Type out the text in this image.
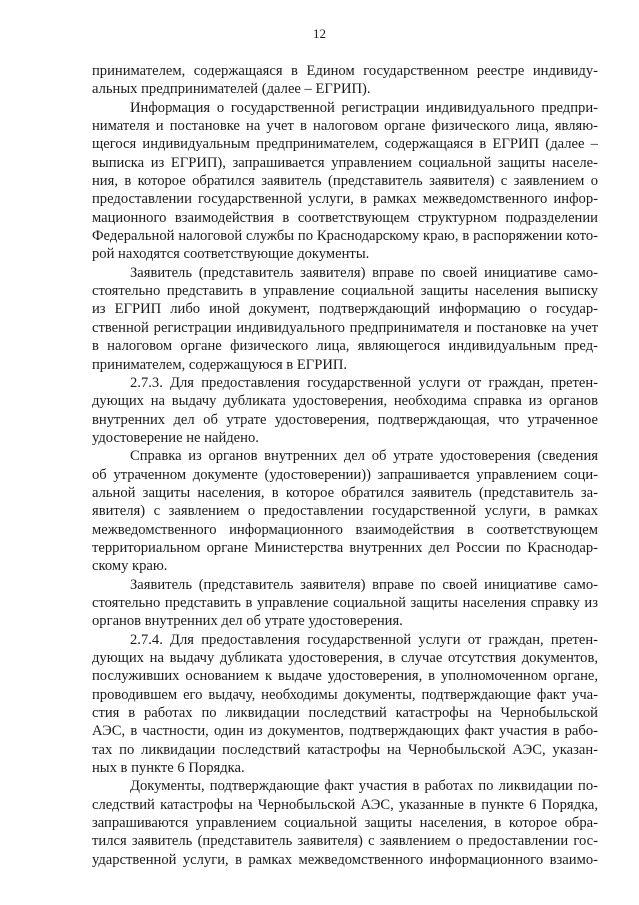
12
принимателем, содержащаяся в Едином государственном реестре индивиду-
альных предпринимателей (далее – ЕГРИП).
Информация о государственной регистрации индивидуального предпри-
нимателя и постановке на учет в налоговом органе физического лица, являю-
щегося индивидуальным предпринимателем, содержащаяся в ЕГРИП (далее –
выписка из ЕГРИП), запрашивается управлением социальной защиты населе-
ния, в которое обратился заявитель (представитель заявителя) с заявлением о
предоставлении государственной услуги, в рамках межведомственного инфор-
мационного взаимодействия в соответствующем структурном подразделении
Федеральной налоговой службы по Краснодарскому краю, в распоряжении кото-
рой находятся соответствующие документы.
Заявитель (представитель заявителя) вправе по своей инициативе само-
стоятельно представить в управление социальной защиты населения выписку
из ЕГРИП либо иной документ, подтверждающий информацию о государ-
ственной регистрации индивидуального предпринимателя и постановке на учет
в налоговом органе физического лица, являющегося индивидуальным пред-
принимателем, содержащуюся в ЕГРИП.
2.7.3. Для предоставления государственной услуги от граждан, претен-
дующих на выдачу дубликата удостоверения, необходима справка из органов
внутренних дел об утрате удостоверения, подтверждающая, что утраченное
удостоверение не найдено.
Справка из органов внутренних дел об утрате удостоверения (сведения
об утраченном документе (удостоверении)) запрашивается управлением соци-
альной защиты населения, в которое обратился заявитель (представитель за-
явителя) с заявлением о предоставлении государственной услуги, в рамках
межведомственного информационного взаимодействия в соответствующем
территориальном органе Министерства внутренних дел России по Краснодар-
скому краю.
Заявитель (представитель заявителя) вправе по своей инициативе само-
стоятельно представить в управление социальной защиты населения справку из
органов внутренних дел об утрате удостоверения.
2.7.4. Для предоставления государственной услуги от граждан, претен-
дующих на выдачу дубликата удостоверения, в случае отсутствия документов,
послуживших основанием к выдаче удостоверения, в уполномоченном органе,
проводившем его выдачу, необходимы документы, подтверждающие факт уча-
стия в работах по ликвидации последствий катастрофы на Чернобыльской
АЭС, в частности, один из документов, подтверждающих факт участия в рабо-
тах по ликвидации последствий катастрофы на Чернобыльской АЭС, указан-
ных в пункте 6 Порядка.
Документы, подтверждающие факт участия в работах по ликвидации по-
следствий катастрофы на Чернобыльской АЭС, указанные в пункте 6 Порядка,
запрашиваются управлением социальной защиты населения, в которое обра-
тился заявитель (представитель заявителя) с заявлением о предоставлении гос-
ударственной услуги, в рамках межведомственного информационного взаимо-
